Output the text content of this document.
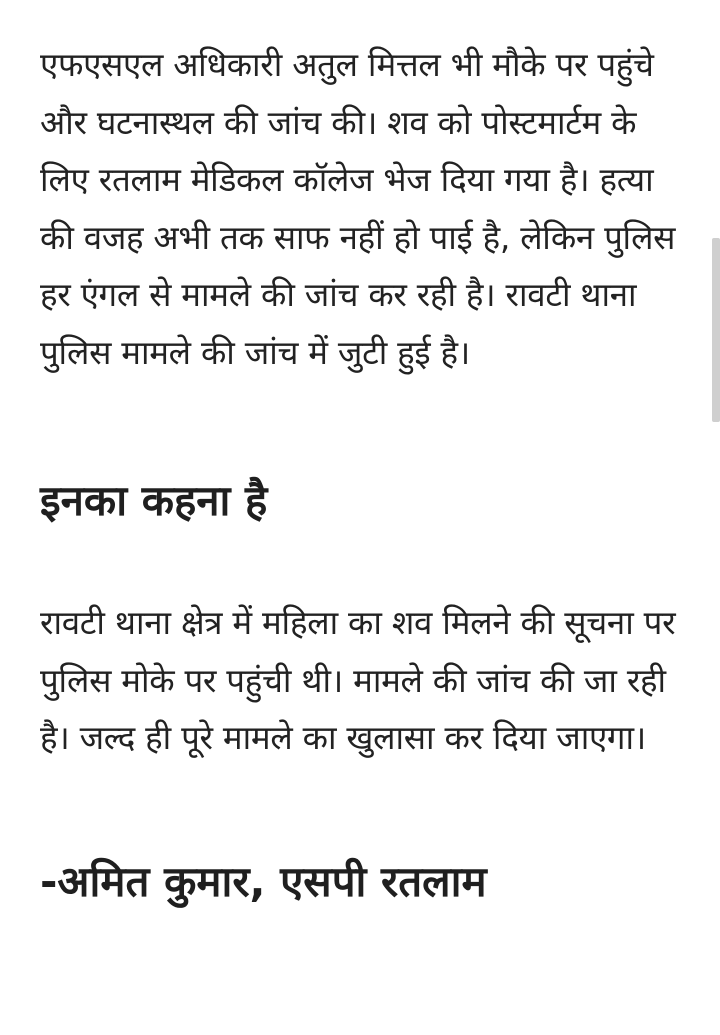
एफएसएल अधिकारी अतुल मित्तल भी मौके पर पहुंचे और घटनास्थल की जांच की। शव को पोस्टमार्टम के लिए रतलाम मेडिकल कॉलेज भेज दिया गया है। हत्या की वजह अभी तक साफ नहीं हो पाई है, लेकिन पुलिस हर एंगल से मामले की जांच कर रही है। रावटी थाना पुलिस मामले की जांच में जुटी हुई है।

इनका कहना है

रावटी थाना क्षेत्र में महिला का शव मिलने की सूचना पर पुलिस मोके पर पहुंची थी। मामले की जांच की जा रही है। जल्द ही पूरे मामले का खुलासा कर दिया जाएगा।

-अमित कुमार, एसपी रतलाम
